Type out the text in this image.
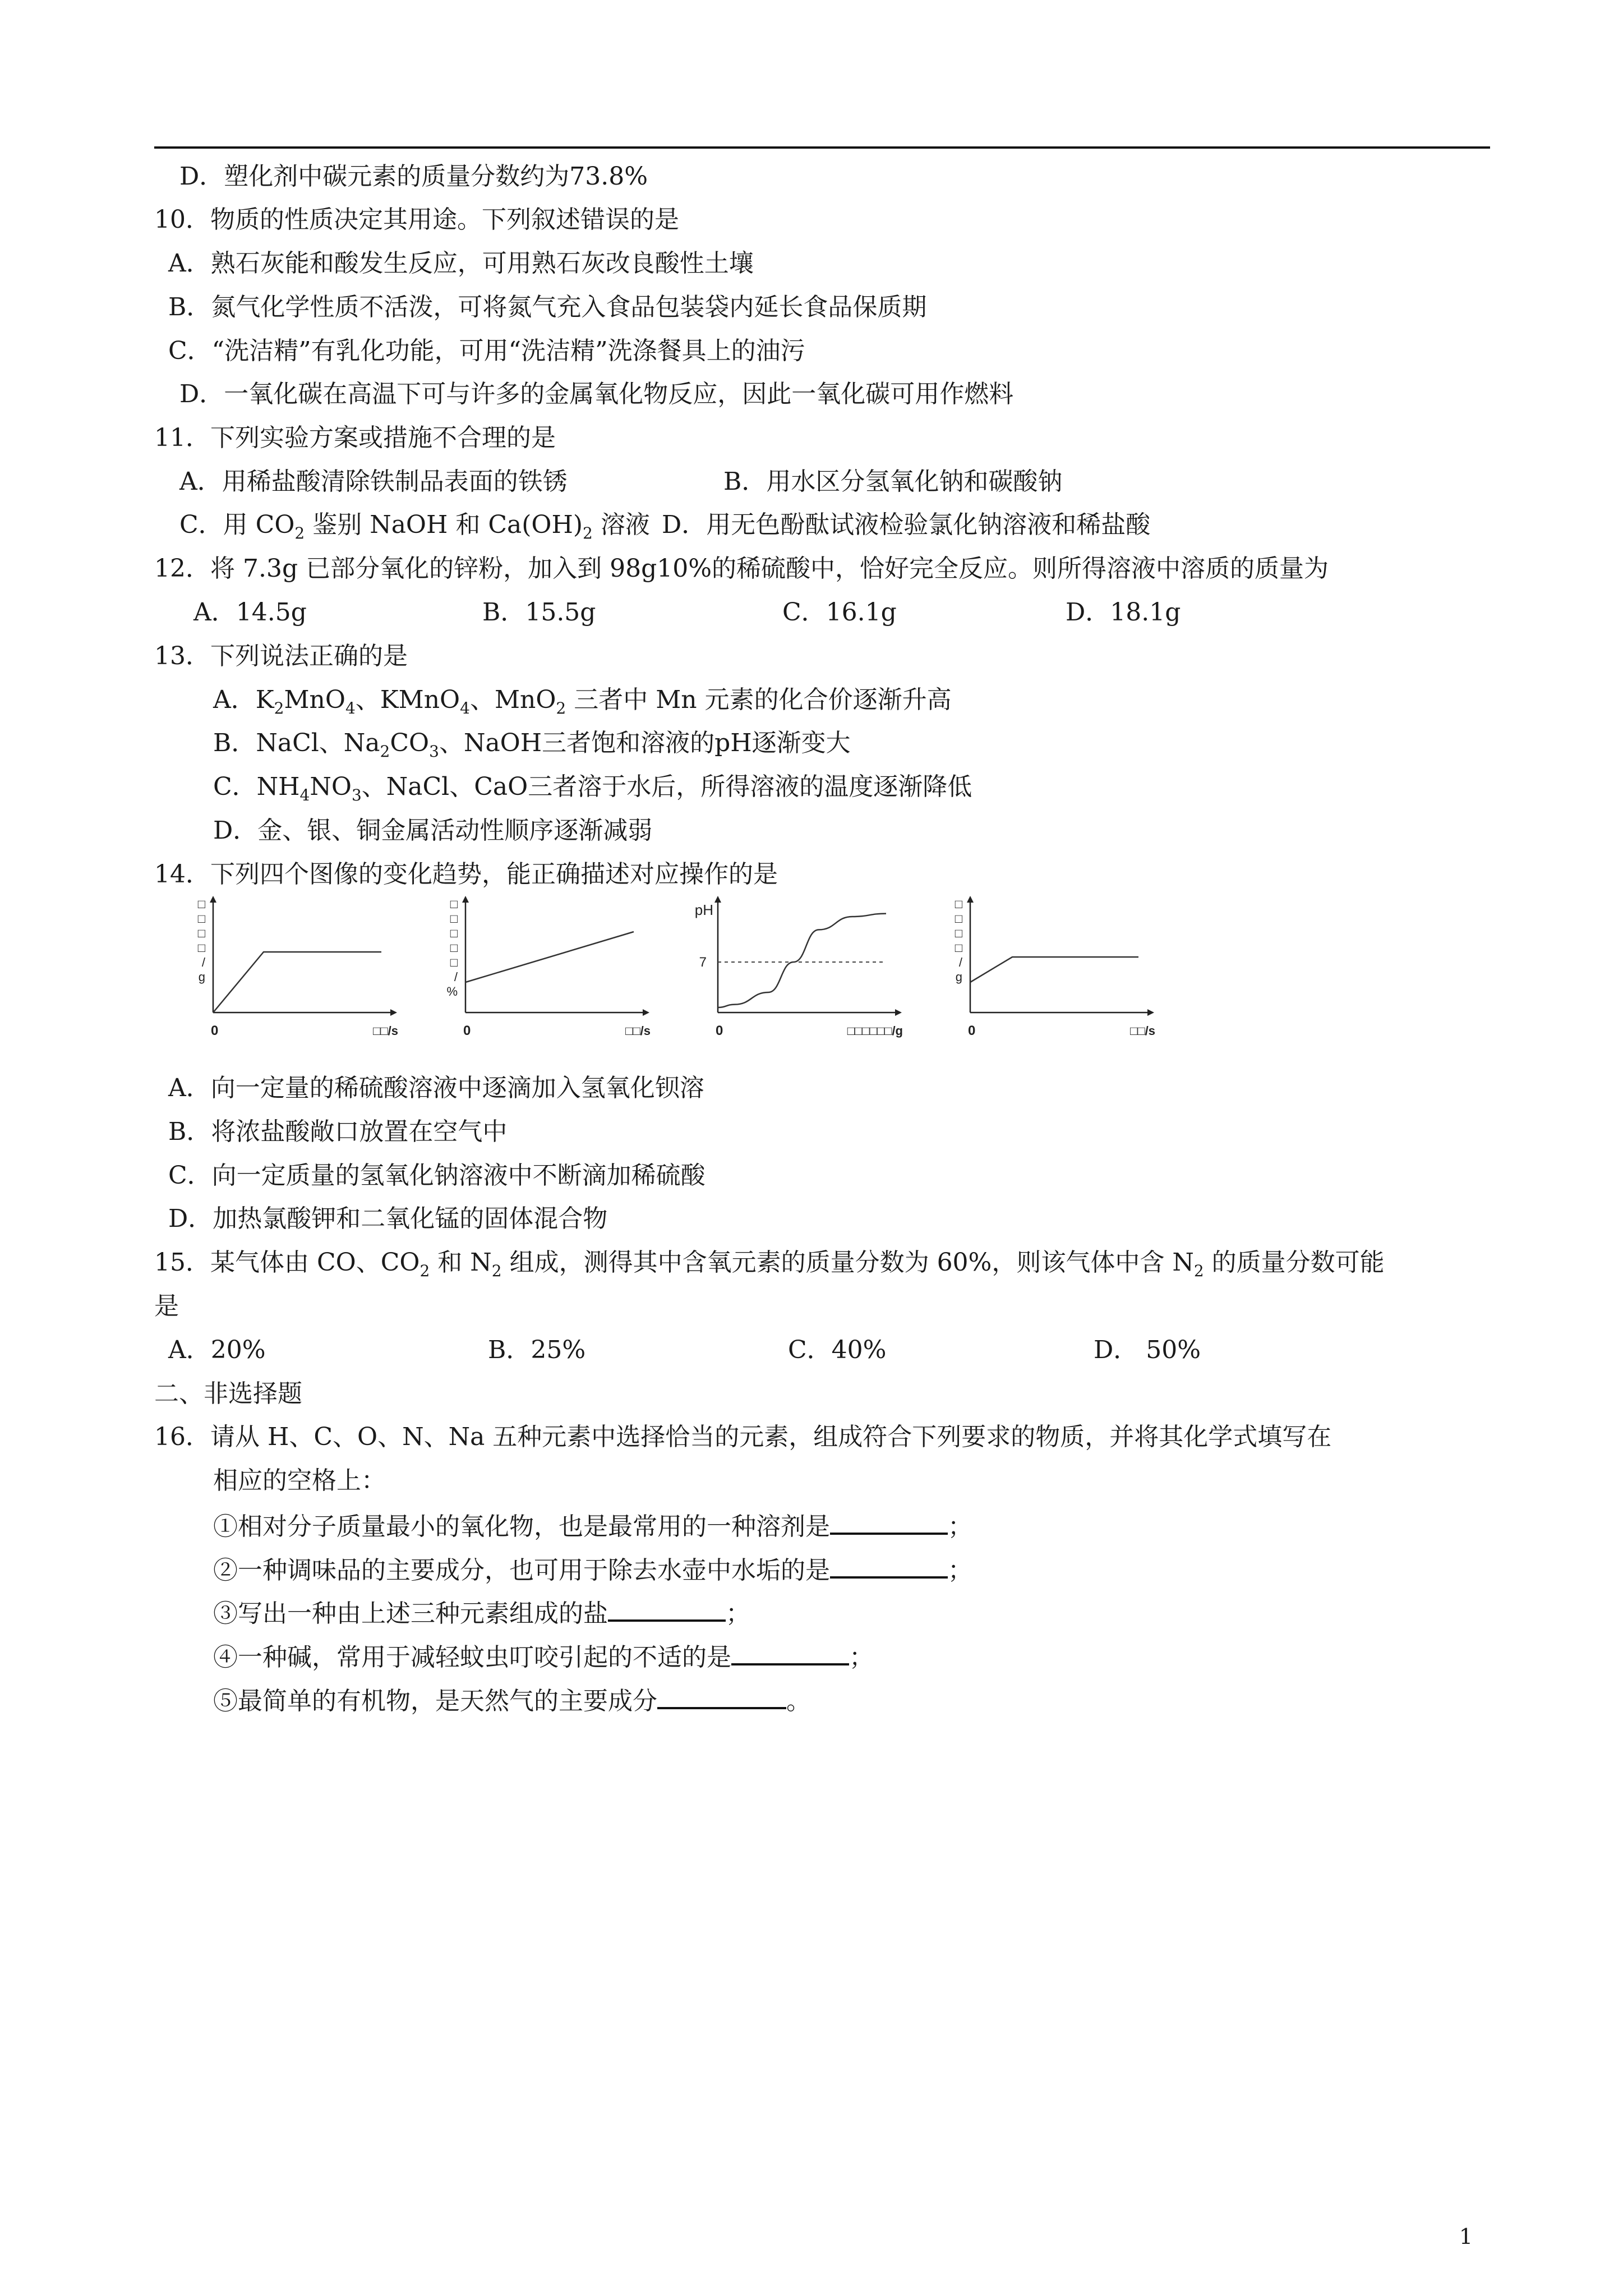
D．塑化剂中碳元素的质量分数约为73.8%
10．物质的性质决定其用途。下列叙述错误的是
A．熟石灰能和酸发生反应，可用熟石灰改良酸性土壤
B．氮气化学性质不活泼，可将氮气充入食品包装袋内延长食品保质期
C．“洗洁精”有乳化功能，可用“洗洁精”洗涤餐具上的油污
D．一氧化碳在高温下可与许多的金属氧化物反应，因此一氧化碳可用作燃料
11．下列实验方案或措施不合理的是
A．用稀盐酸清除铁制品表面的铁锈	B．用水区分氢氧化钠和碳酸钠
C．用 $CO_2$ 鉴别 NaOH 和 $Ca(OH)_2$ 溶液 D．用无色酚酞试液检验氯化钠溶液和稀盐酸
12．将 7.3g 已部分氧化的锌粉，加入到 98g10%的稀硫酸中，恰好完全反应。则所得溶液中溶质的质量为
A．14.5g	B．15.5g	C．16.1g	D．18.1g
13．下列说法正确的是
A．$K_2MnO_4$、KMnO$_4$、MnO$_2$ 三者中 Mn 元素的化合价逐渐升高
B．NaCl、$Na_2CO_3$、NaOH三者饱和溶液的pH逐渐变大
C．$NH_4NO_3$、NaCl、CaO三者溶于水后，所得溶液的温度逐渐降低
D．金、银、铜金属活动性顺序逐渐减弱
14．下列四个图像的变化趋势，能正确描述对应操作的是
□ □ □ □ / g
□□/s
0
□ □ □ □ □ / %
□□/s
0
7
pH
□□□□□□/g
0
□ □ □ □ / g
□□/s
0
A．向一定量的稀硫酸溶液中逐滴加入氢氧化钡溶
B．将浓盐酸敞口放置在空气中
C．向一定质量的氢氧化钠溶液中不断滴加稀硫酸
D．加热氯酸钾和二氧化锰的固体混合物
15．某气体由 CO、$CO_2$ 和 $N_2$ 组成，测得其中含氧元素的质量分数为 60%，则该气体中含 $N_2$ 的质量分数可能
是
A．20%	B．25%	C．40%	D． 50%
二、非选择题
16．请从 H、C、O、N、Na 五种元素中选择恰当的元素，组成符合下列要求的物质，并将其化学式填写在
相应的空格上：
①相对分子质量最小的氧化物，也是最常用的一种溶剂是	；
②一种调味品的主要成分，也可用于除去水壶中水垢的是	；
③写出一种由上述三种元素组成的盐	；
④一种碱，常用于减轻蚊虫叮咬引起的不适的是	；
⑤最简单的有机物，是天然气的主要成分	。
1
